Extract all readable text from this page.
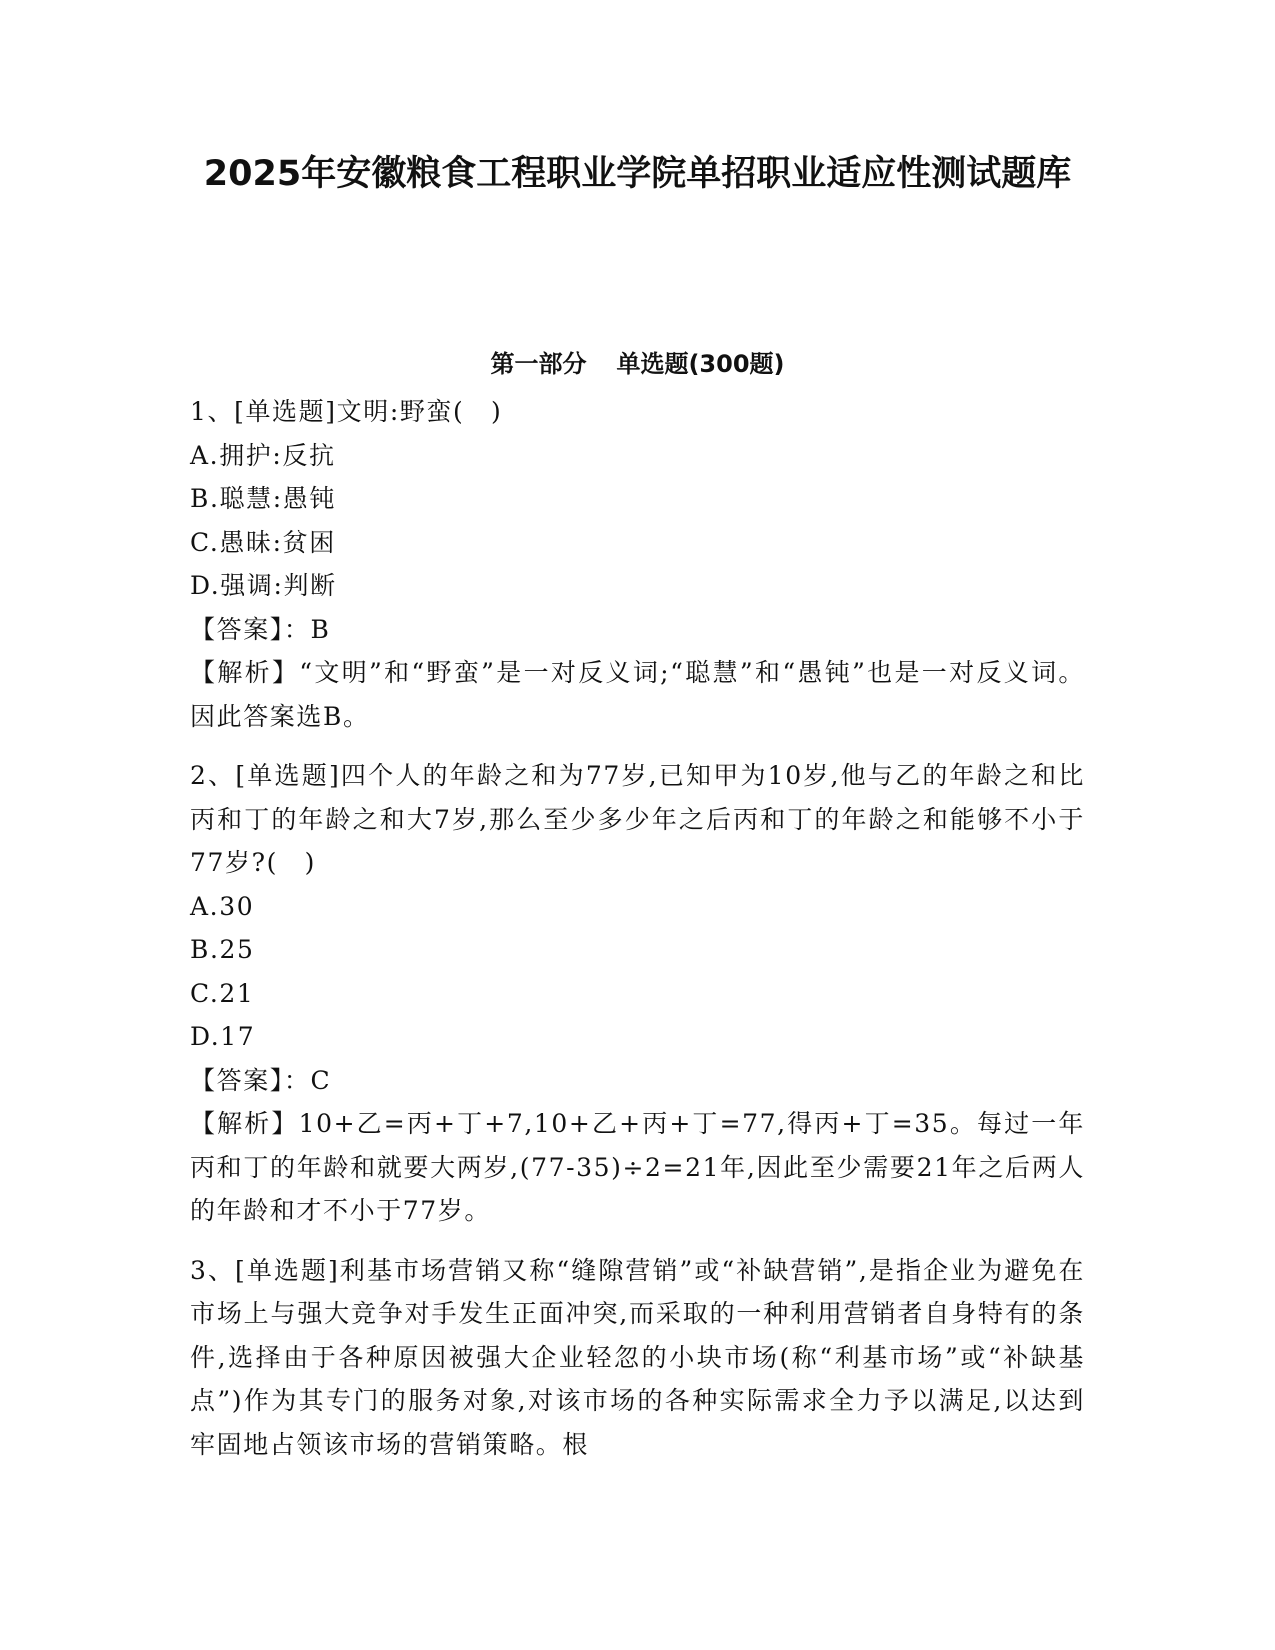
2025年安徽粮食工程职业学院单招职业适应性测试题库
第一部分 单选题(300题)

1、[单选题]文明:野蛮(　)

A.拥护:反抗

B.聪慧:愚钝

C.愚昧:贫困

D.强调:判断

【答案】：B

【解析】“文明”和“野蛮”是一对反义词;“聪慧”和“愚钝”也是一对反义词。因此答案选B。

2、[单选题]四个人的年龄之和为77岁,已知甲为10岁,他与乙的年龄之和比丙和丁的年龄之和大7岁,那么至少多少年之后丙和丁的年龄之和能够不小于77岁?(　)

A.30

B.25

C.21

D.17

【答案】：C

【解析】10+乙=丙+丁+7,10+乙+丙+丁=77,得丙+丁=35。每过一年丙和丁的年龄和就要大两岁,(77-35)÷2=21年,因此至少需要21年之后两人的年龄和才不小于77岁。

3、[单选题]利基市场营销又称“缝隙营销”或“补缺营销”,是指企业为避免在市场上与强大竞争对手发生正面冲突,而采取的一种利用营销者自身特有的条件,选择由于各种原因被强大企业轻忽的小块市场(称“利基市场”或“补缺基点”)作为其专门的服务对象,对该市场的各种实际需求全力予以满足,以达到牢固地占领该市场的营销策略。根
